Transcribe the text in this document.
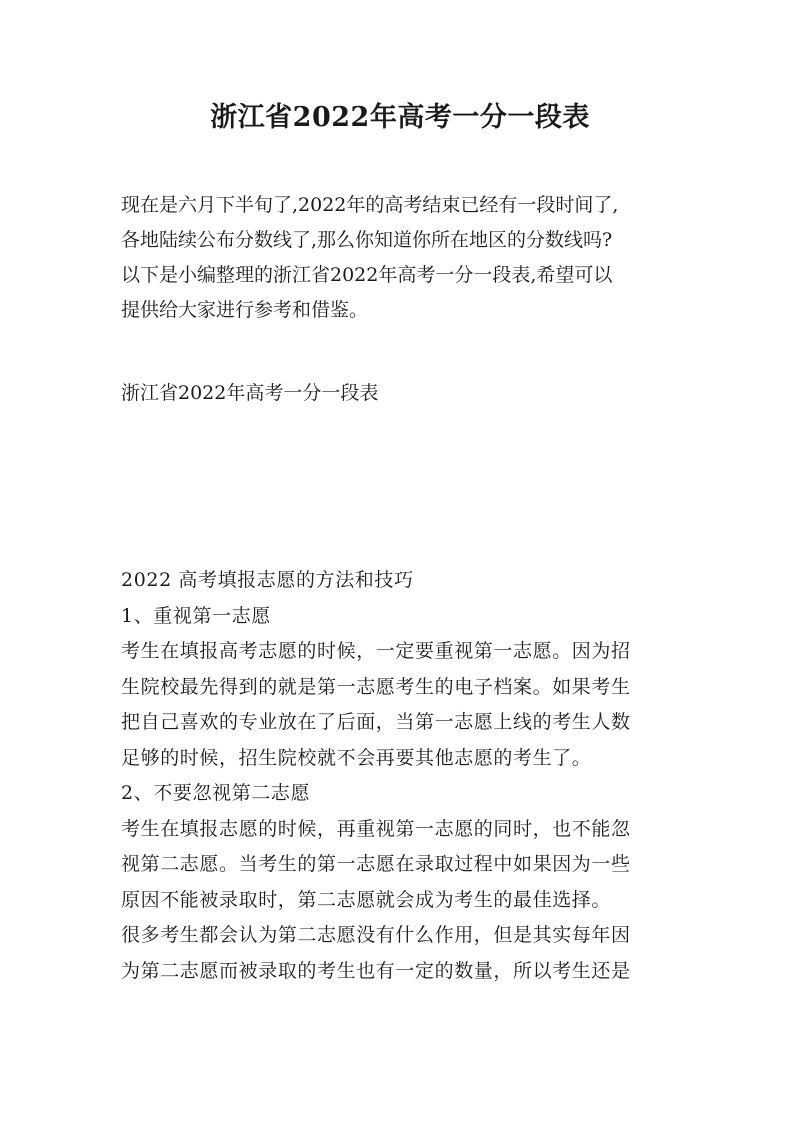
浙江省2022年高考一分一段表

现在是六月下半旬了,2022年的高考结束已经有一段时间了,
各地陆续公布分数线了,那么你知道你所在地区的分数线吗?
以下是小编整理的浙江省2022年高考一分一段表,希望可以
提供给大家进行参考和借鉴。

浙江省2022年高考一分一段表

2022 高考填报志愿的方法和技巧
1、重视第一志愿
考生在填报高考志愿的时候，一定要重视第一志愿。因为招
生院校最先得到的就是第一志愿考生的电子档案。如果考生
把自己喜欢的专业放在了后面，当第一志愿上线的考生人数
足够的时候，招生院校就不会再要其他志愿的考生了。
2、不要忽视第二志愿
考生在填报志愿的时候，再重视第一志愿的同时，也不能忽
视第二志愿。当考生的第一志愿在录取过程中如果因为一些
原因不能被录取时，第二志愿就会成为考生的最佳选择。
很多考生都会认为第二志愿没有什么作用，但是其实每年因
为第二志愿而被录取的考生也有一定的数量，所以考生还是
